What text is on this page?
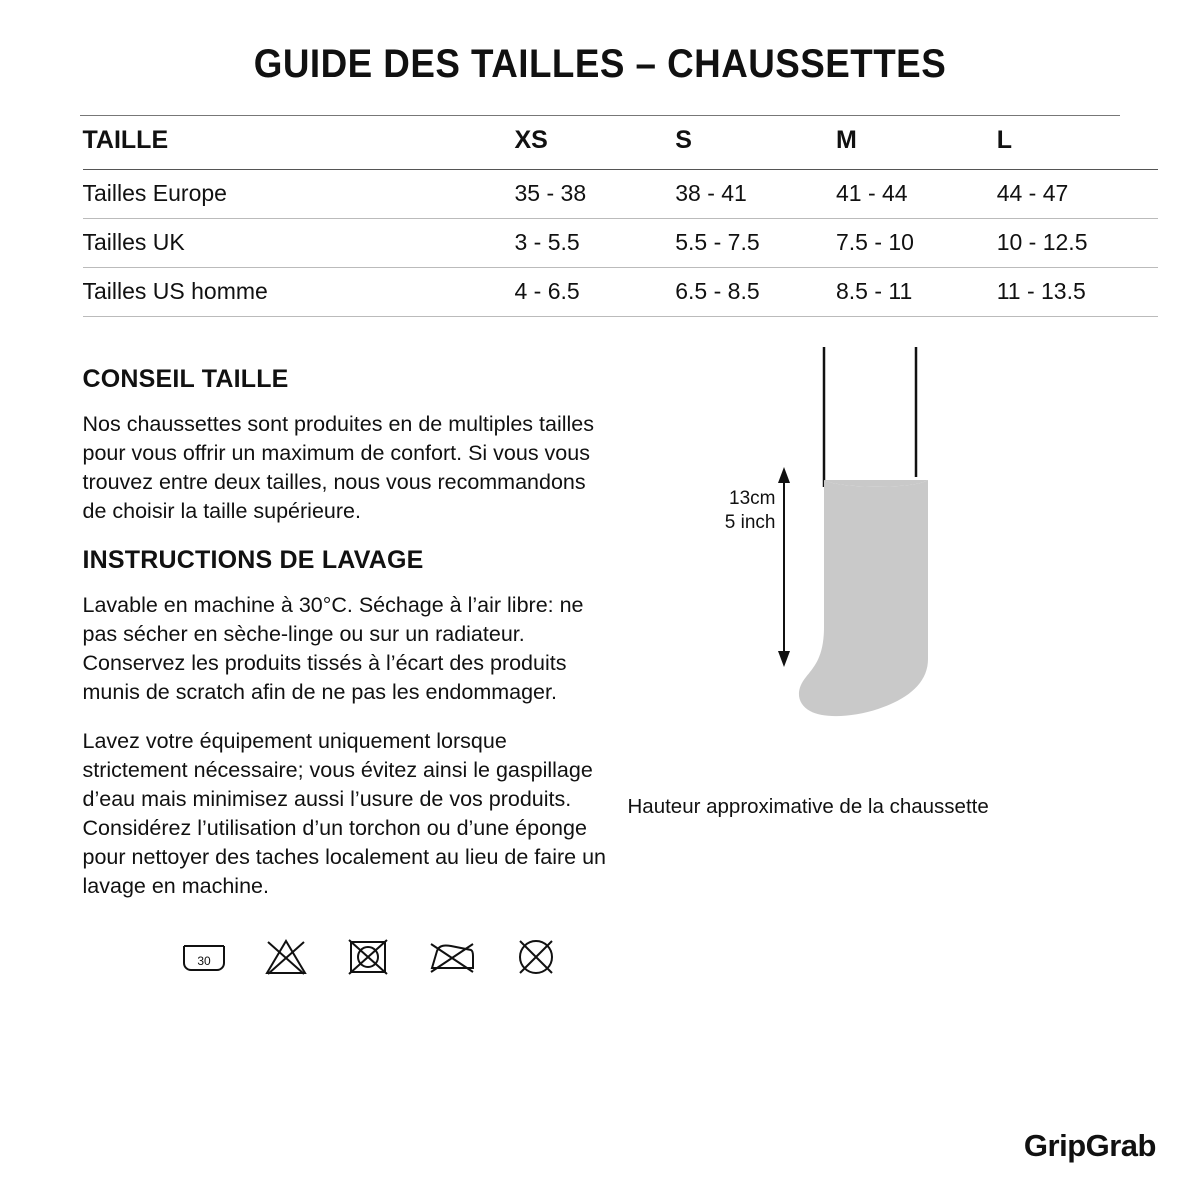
GUIDE DES TAILLES – CHAUSSETTES
TAILLE	XS	S	M	L
Tailles Europe	35 - 38	38 - 41	41 - 44	44 - 47
Tailles UK	3 - 5.5	5.5 - 7.5	7.5 - 10	10 - 12.5
Tailles US homme	4 - 6.5	6.5 - 8.5	8.5 - 11	11 - 13.5
CONSEIL TAILLE

Nos chaussettes sont produites en de multiples tailles pour vous offrir un maximum de confort. Si vous vous trouvez entre deux tailles, nous vous recommandons de choisir la taille supérieure.

INSTRUCTIONS DE LAVAGE

Lavable en machine à 30°C. Séchage à l’air libre: ne pas sécher en sèche-linge ou sur un radiateur. Conservez les produits tissés à l’écart des produits munis de scratch afin de ne pas les endommager.

Lavez votre équipement uniquement lorsque strictement nécessaire; vous évitez ainsi le gaspillage d’eau mais minimisez aussi l’usure de vos produits. Considérez l’utilisation d’un torchon ou d’une éponge pour nettoyer des taches localement au lieu de faire un lavage en machine.

30
13cm
5 inch
Hauteur approximative de la chaussette
GripGrab
